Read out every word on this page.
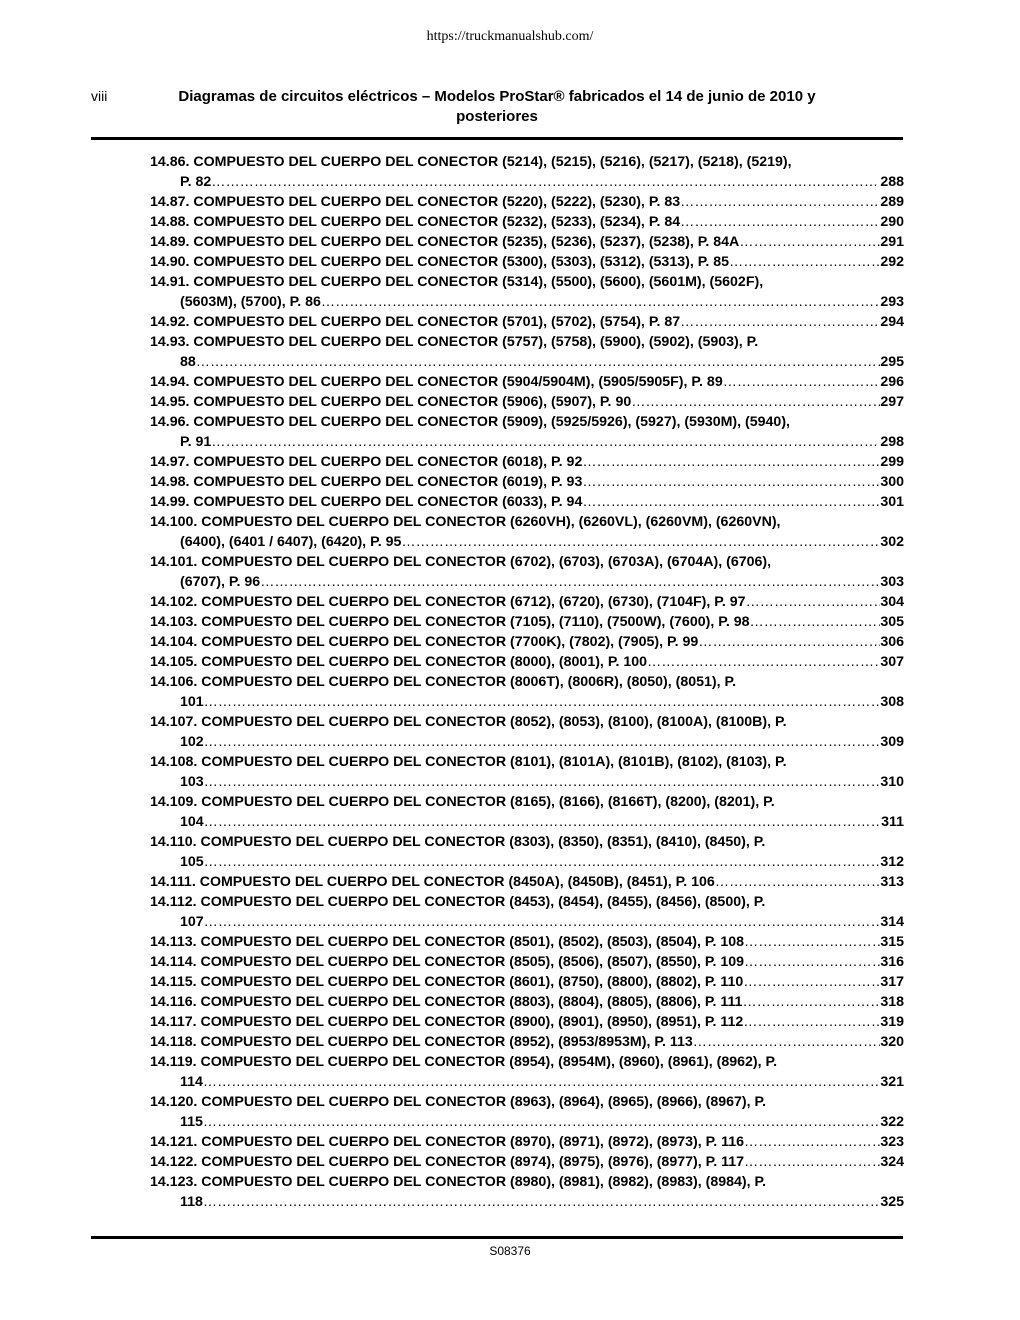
https://truckmanualshub.com/
viii	Diagramas de circuitos eléctricos – Modelos ProStar® fabricados el 14 de junio de 2010 y posteriores
14.86. COMPUESTO DEL CUERPO DEL CONECTOR (5214), (5215), (5216), (5217), (5218), (5219),
P. 82 …………………………………………………………………………………………………………………………………………………………………………………………………………………………………………………………………	288
14.87. COMPUESTO DEL CUERPO DEL CONECTOR (5220), (5222), (5230), P. 83 …………………………………………………………………………………………………………………………………………………………………………………………………………………………………………………………………	289
14.88. COMPUESTO DEL CUERPO DEL CONECTOR (5232), (5233), (5234), P. 84 …………………………………………………………………………………………………………………………………………………………………………………………………………………………………………………………………	290
14.89. COMPUESTO DEL CUERPO DEL CONECTOR (5235), (5236), (5237), (5238), P. 84A …………………………………………………………………………………………………………………………………………………………………………………………………………………………………………………………………	291
14.90. COMPUESTO DEL CUERPO DEL CONECTOR (5300), (5303), (5312), (5313), P. 85 …………………………………………………………………………………………………………………………………………………………………………………………………………………………………………………………………	292
14.91. COMPUESTO DEL CUERPO DEL CONECTOR (5314), (5500), (5600), (5601M), (5602F),
(5603M), (5700), P. 86 …………………………………………………………………………………………………………………………………………………………………………………………………………………………………………………………………	293
14.92. COMPUESTO DEL CUERPO DEL CONECTOR (5701), (5702), (5754), P. 87 …………………………………………………………………………………………………………………………………………………………………………………………………………………………………………………………………	294
14.93. COMPUESTO DEL CUERPO DEL CONECTOR (5757), (5758), (5900), (5902), (5903), P.
88 …………………………………………………………………………………………………………………………………………………………………………………………………………………………………………………………………	295
14.94. COMPUESTO DEL CUERPO DEL CONECTOR (5904/5904M), (5905/5905F), P. 89 …………………………………………………………………………………………………………………………………………………………………………………………………………………………………………………………………	296
14.95. COMPUESTO DEL CUERPO DEL CONECTOR (5906), (5907), P. 90 …………………………………………………………………………………………………………………………………………………………………………………………………………………………………………………………………	297
14.96. COMPUESTO DEL CUERPO DEL CONECTOR (5909), (5925/5926), (5927), (5930M), (5940),
P. 91 …………………………………………………………………………………………………………………………………………………………………………………………………………………………………………………………………	298
14.97. COMPUESTO DEL CUERPO DEL CONECTOR (6018), P. 92 …………………………………………………………………………………………………………………………………………………………………………………………………………………………………………………………………	299
14.98. COMPUESTO DEL CUERPO DEL CONECTOR (6019), P. 93 …………………………………………………………………………………………………………………………………………………………………………………………………………………………………………………………………	300
14.99. COMPUESTO DEL CUERPO DEL CONECTOR (6033), P. 94 …………………………………………………………………………………………………………………………………………………………………………………………………………………………………………………………………	301
14.100. COMPUESTO DEL CUERPO DEL CONECTOR (6260VH), (6260VL), (6260VM), (6260VN),
(6400), (6401 / 6407), (6420), P. 95 …………………………………………………………………………………………………………………………………………………………………………………………………………………………………………………………………	302
14.101. COMPUESTO DEL CUERPO DEL CONECTOR (6702), (6703), (6703A), (6704A), (6706),
(6707), P. 96 …………………………………………………………………………………………………………………………………………………………………………………………………………………………………………………………………	303
14.102. COMPUESTO DEL CUERPO DEL CONECTOR (6712), (6720), (6730), (7104F), P. 97 …………………………………………………………………………………………………………………………………………………………………………………………………………………………………………………………………	304
14.103. COMPUESTO DEL CUERPO DEL CONECTOR (7105), (7110), (7500W), (7600), P. 98 …………………………………………………………………………………………………………………………………………………………………………………………………………………………………………………………………	305
14.104. COMPUESTO DEL CUERPO DEL CONECTOR (7700K), (7802), (7905), P. 99 …………………………………………………………………………………………………………………………………………………………………………………………………………………………………………………………………	306
14.105. COMPUESTO DEL CUERPO DEL CONECTOR (8000), (8001), P. 100 …………………………………………………………………………………………………………………………………………………………………………………………………………………………………………………………………	307
14.106. COMPUESTO DEL CUERPO DEL CONECTOR (8006T), (8006R), (8050), (8051), P.
101 …………………………………………………………………………………………………………………………………………………………………………………………………………………………………………………………………	308
14.107. COMPUESTO DEL CUERPO DEL CONECTOR (8052), (8053), (8100), (8100A), (8100B), P.
102 …………………………………………………………………………………………………………………………………………………………………………………………………………………………………………………………………	309
14.108. COMPUESTO DEL CUERPO DEL CONECTOR (8101), (8101A), (8101B), (8102), (8103), P.
103 …………………………………………………………………………………………………………………………………………………………………………………………………………………………………………………………………	310
14.109. COMPUESTO DEL CUERPO DEL CONECTOR (8165), (8166), (8166T), (8200), (8201), P.
104 …………………………………………………………………………………………………………………………………………………………………………………………………………………………………………………………………	311
14.110. COMPUESTO DEL CUERPO DEL CONECTOR (8303), (8350), (8351), (8410), (8450), P.
105 …………………………………………………………………………………………………………………………………………………………………………………………………………………………………………………………………	312
14.111. COMPUESTO DEL CUERPO DEL CONECTOR (8450A), (8450B), (8451), P. 106 …………………………………………………………………………………………………………………………………………………………………………………………………………………………………………………………………	313
14.112. COMPUESTO DEL CUERPO DEL CONECTOR (8453), (8454), (8455), (8456), (8500), P.
107 …………………………………………………………………………………………………………………………………………………………………………………………………………………………………………………………………	314
14.113. COMPUESTO DEL CUERPO DEL CONECTOR (8501), (8502), (8503), (8504), P. 108 …………………………………………………………………………………………………………………………………………………………………………………………………………………………………………………………………	315
14.114. COMPUESTO DEL CUERPO DEL CONECTOR (8505), (8506), (8507), (8550), P. 109 …………………………………………………………………………………………………………………………………………………………………………………………………………………………………………………………………	316
14.115. COMPUESTO DEL CUERPO DEL CONECTOR (8601), (8750), (8800), (8802), P. 110 …………………………………………………………………………………………………………………………………………………………………………………………………………………………………………………………………	317
14.116. COMPUESTO DEL CUERPO DEL CONECTOR (8803), (8804), (8805), (8806), P. 111 …………………………………………………………………………………………………………………………………………………………………………………………………………………………………………………………………	318
14.117. COMPUESTO DEL CUERPO DEL CONECTOR (8900), (8901), (8950), (8951), P. 112 …………………………………………………………………………………………………………………………………………………………………………………………………………………………………………………………………	319
14.118. COMPUESTO DEL CUERPO DEL CONECTOR (8952), (8953/8953M), P. 113 …………………………………………………………………………………………………………………………………………………………………………………………………………………………………………………………………	320
14.119. COMPUESTO DEL CUERPO DEL CONECTOR (8954), (8954M), (8960), (8961), (8962), P.
114 …………………………………………………………………………………………………………………………………………………………………………………………………………………………………………………………………	321
14.120. COMPUESTO DEL CUERPO DEL CONECTOR (8963), (8964), (8965), (8966), (8967), P.
115 …………………………………………………………………………………………………………………………………………………………………………………………………………………………………………………………………	322
14.121. COMPUESTO DEL CUERPO DEL CONECTOR (8970), (8971), (8972), (8973), P. 116 …………………………………………………………………………………………………………………………………………………………………………………………………………………………………………………………………	323
14.122. COMPUESTO DEL CUERPO DEL CONECTOR (8974), (8975), (8976), (8977), P. 117 …………………………………………………………………………………………………………………………………………………………………………………………………………………………………………………………………	324
14.123. COMPUESTO DEL CUERPO DEL CONECTOR (8980), (8981), (8982), (8983), (8984), P.
118 …………………………………………………………………………………………………………………………………………………………………………………………………………………………………………………………………	325
S08376
